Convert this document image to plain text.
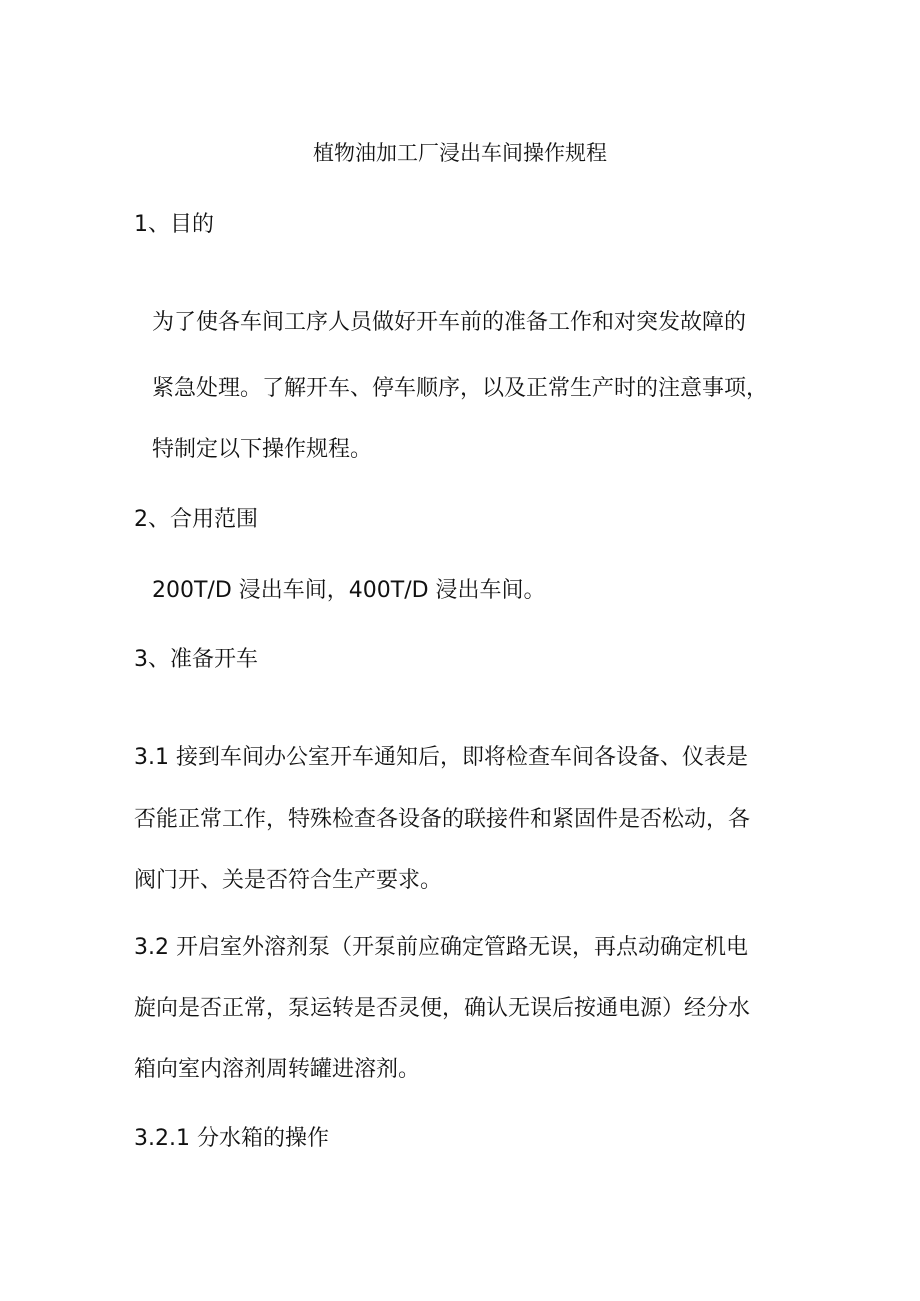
植物油加工厂浸出车间操作规程
1、目的
为了使各车间工序人员做好开车前的准备工作和对突发故障的
紧急处理。了解开车、停车顺序，以及正常生产时的注意事项，
特制定以下操作规程。
2、合用范围
200T/D 浸出车间，400T/D 浸出车间。
3、准备开车
3.1 接到车间办公室开车通知后，即将检查车间各设备、仪表是
否能正常工作，特殊检查各设备的联接件和紧固件是否松动，各
阀门开、关是否符合生产要求。
3.2 开启室外溶剂泵（开泵前应确定管路无误，再点动确定机电
旋向是否正常，泵运转是否灵便，确认无误后按通电源）经分水
箱向室内溶剂周转罐进溶剂。
3.2.1 分水箱的操作
